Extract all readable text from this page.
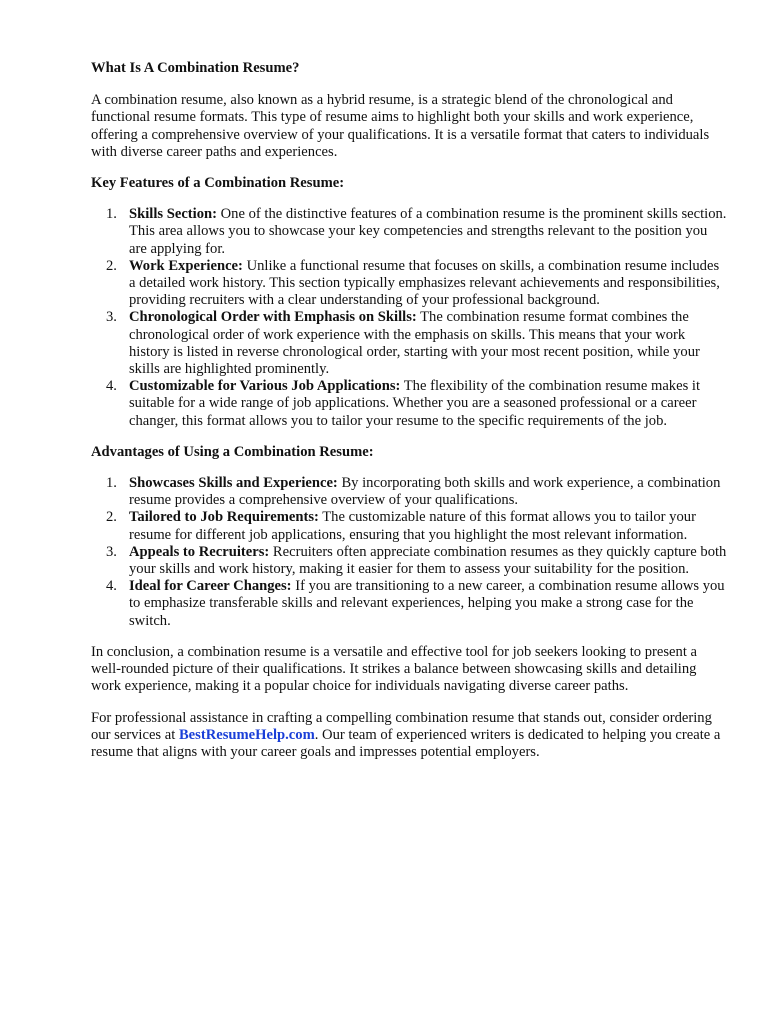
What Is A Combination Resume?

A combination resume, also known as a hybrid resume, is a strategic blend of the chronological and functional resume formats. This type of resume aims to highlight both your skills and work experience, offering a comprehensive overview of your qualifications. It is a versatile format that caters to individuals with diverse career paths and experiences.

Key Features of a Combination Resume:
1. Skills Section: One of the distinctive features of a combination resume is the prominent skills section. This area allows you to showcase your key competencies and strengths relevant to the position you are applying for.
2. Work Experience: Unlike a functional resume that focuses on skills, a combination resume includes a detailed work history. This section typically emphasizes relevant achievements and responsibilities, providing recruiters with a clear understanding of your professional background.
3. Chronological Order with Emphasis on Skills: The combination resume format combines the chronological order of work experience with the emphasis on skills. This means that your work history is listed in reverse chronological order, starting with your most recent position, while your skills are highlighted prominently.
4. Customizable for Various Job Applications: The flexibility of the combination resume makes it suitable for a wide range of job applications. Whether you are a seasoned professional or a career changer, this format allows you to tailor your resume to the specific requirements of the job.
Advantages of Using a Combination Resume:
1. Showcases Skills and Experience: By incorporating both skills and work experience, a combination resume provides a comprehensive overview of your qualifications.
2. Tailored to Job Requirements: The customizable nature of this format allows you to tailor your resume for different job applications, ensuring that you highlight the most relevant information.
3. Appeals to Recruiters: Recruiters often appreciate combination resumes as they quickly capture both your skills and work history, making it easier for them to assess your suitability for the position.
4. Ideal for Career Changes: If you are transitioning to a new career, a combination resume allows you to emphasize transferable skills and relevant experiences, helping you make a strong case for the switch.

In conclusion, a combination resume is a versatile and effective tool for job seekers looking to present a well-rounded picture of their qualifications. It strikes a balance between showcasing skills and detailing work experience, making it a popular choice for individuals navigating diverse career paths.

For professional assistance in crafting a compelling combination resume that stands out, consider ordering our services at BestResumeHelp.com. Our team of experienced writers is dedicated to helping you create a resume that aligns with your career goals and impresses potential employers.
